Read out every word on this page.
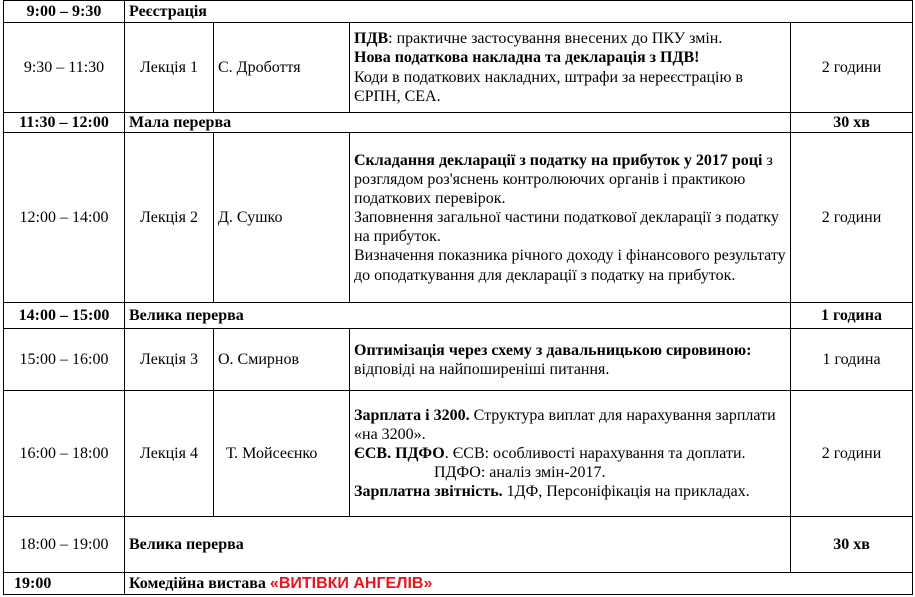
9:00 – 9:30	Реєстрація			
9:30 – 11:30	Лекція 1	С. Дробоття	ПДВ: практичне застосування внесених до ПКУ змін.
Нова податкова накладна та декларація з ПДВ!
Коди в податкових накладних, штрафи за нереєстрацію в ЄРПН, СЕА.	2 години
11:30 – 12:00	Мала перерва			30 хв
12:00 – 14:00	Лекція 2	Д. Сушко	Складання декларації з податку на прибуток у 2017 році з розглядом роз'яснень контролюючих органів і практикою податкових перевірок.
Заповнення загальної частини податкової декларації з податку на прибуток.
Визначення показника річного доходу і фінансового результату до оподаткування для декларації з податку на прибуток.	2 години
14:00 – 15:00	Велика перерва			1 година
15:00 – 16:00	Лекція 3	О. Смирнов	Оптимізація через схему з давальницькою сировиною: відповіді на найпоширеніші питання.	1 година
16:00 – 18:00	Лекція 4	Т. Мойсеєнко	Зарплата і 3200. Структура виплат для нарахування зарплати «на 3200».
ЄСВ. ПДФО. ЄСВ: особливості нарахування та доплати. ПДФО: аналіз змін-2017.
Зарплатна звітність. 1ДФ, Персоніфікація на прикладах.	2 години
18:00 – 19:00	Велика перерва			30 хв
19:00	Комедійна вистава «ВИТІВКИ АНГЕЛІВ»			
